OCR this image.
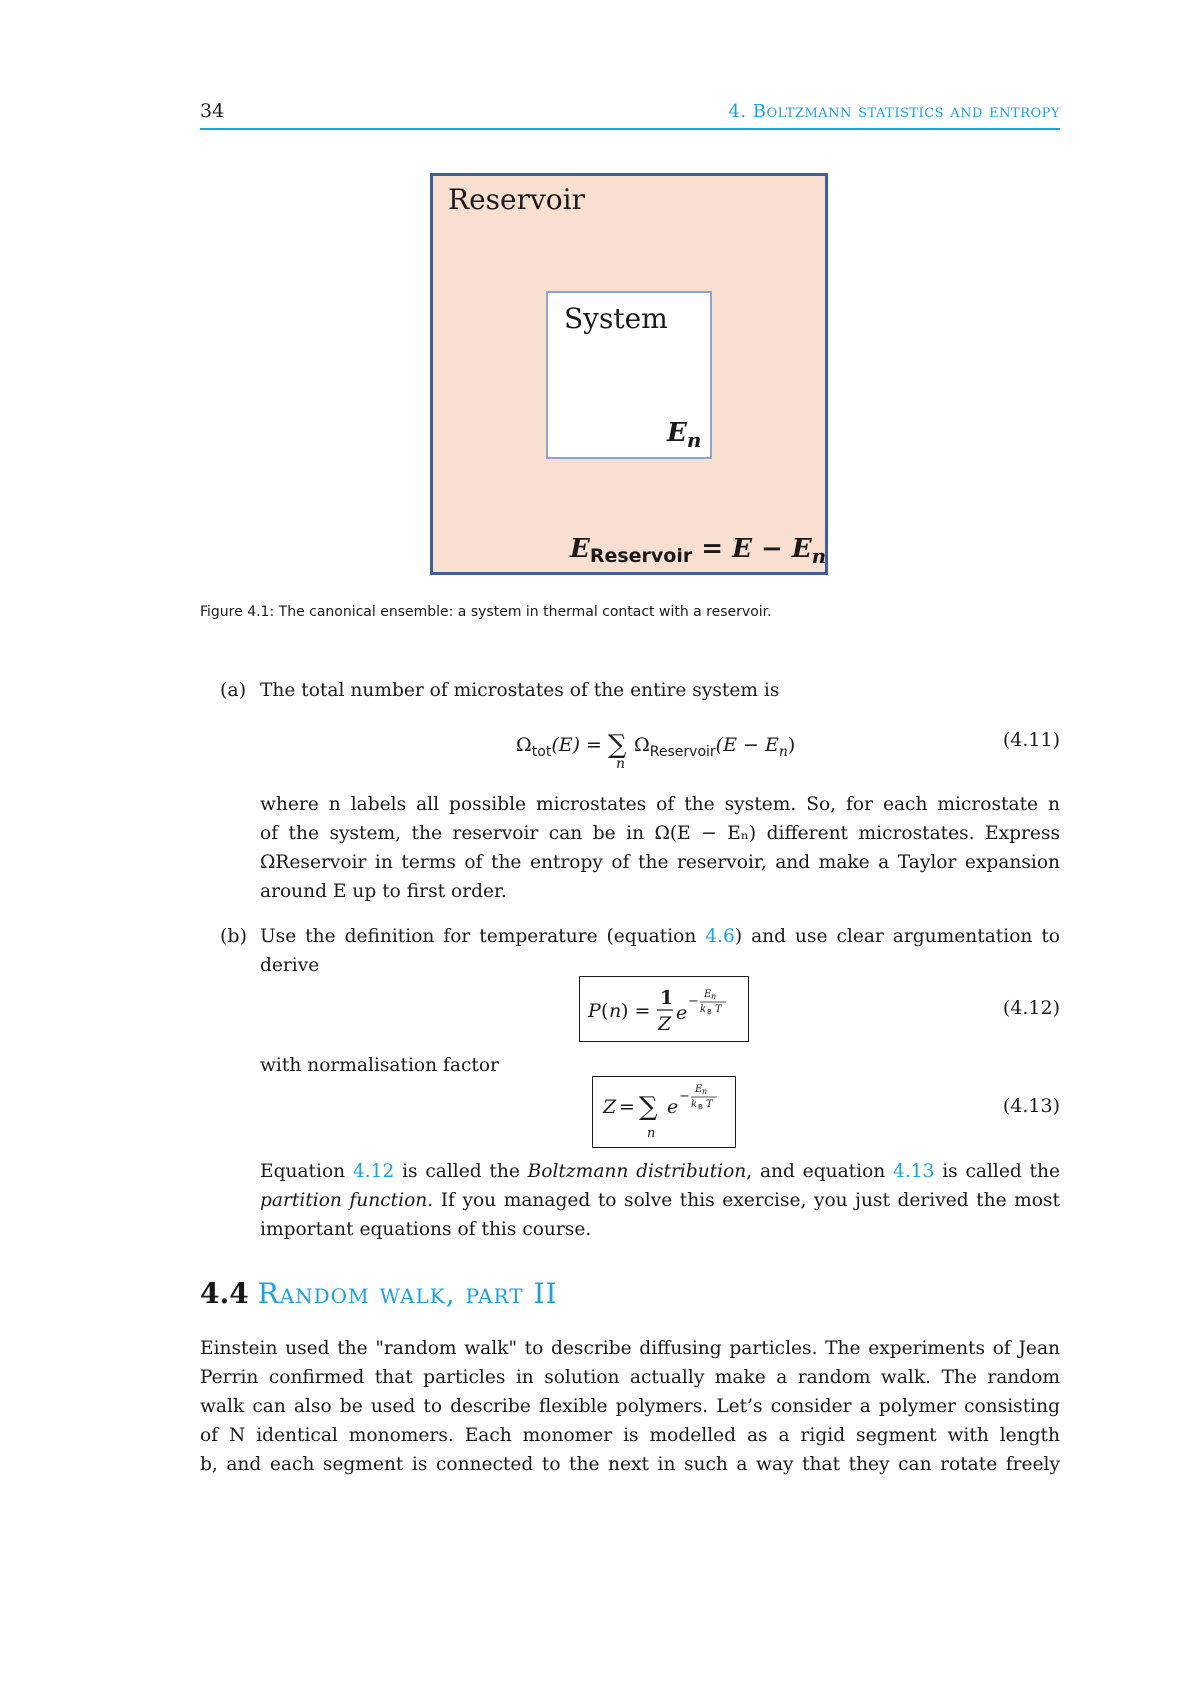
34	4. Boltzmann statistics and entropy
Reservoir
System
$E_n$
EReservoir = $E - E_n$
Figure 4.1: The canonical ensemble: a system in thermal contact with a reservoir.
(a) The total number of microstates of the entire system is
$\Omega_{tot}(E)$ = ∑
n
$\Omega_{Reservoir}(E - E_n)$	(4.11)
where n labels all possible microstates of the system. So, for each microstate n
of the system, the reservoir can be in Ω(E − Eₙ) different microstates. Express
ΩReservoir in terms of the entropy of the reservoir, and make a Taylor expansion
around E up to first order.
(b) Use the definition for temperature (equation 4.6) and use clear argumentation to
derive
P ( n ) =
1
Z e
− E n
k B T	(4.12)
with normalisation factor
Z = ∑
n
e − E n
k B T	(4.13)
Equation 4.12 is called the Boltzmann distribution, and equation 4.13 is called the
partition function. If you managed to solve this exercise, you just derived the most
important equations of this course.
4.4 Random walk, part II
Einstein used the "random walk" to describe diffusing particles. The experiments of Jean
Perrin confirmed that particles in solution actually make a random walk. The random
walk can also be used to describe flexible polymers. Let’s consider a polymer consisting
of N identical monomers. Each monomer is modelled as a rigid segment with length
b, and each segment is connected to the next in such a way that they can rotate freely
